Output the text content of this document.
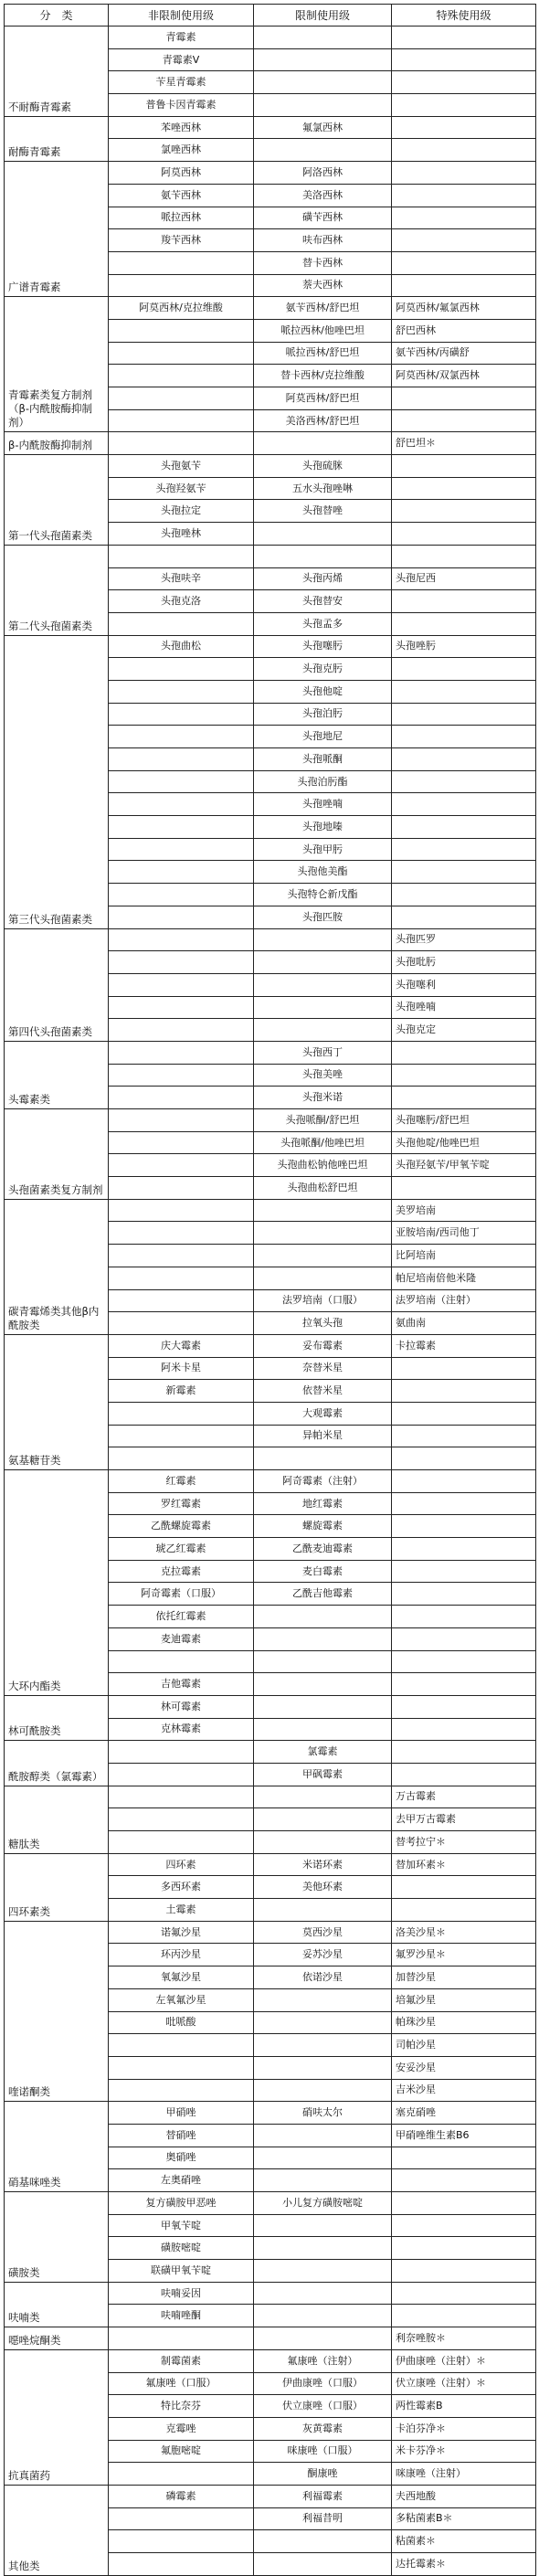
分　类	非限制使用级	限制使用级	特殊使用级
不耐酶青霉素	青霉素		
	青霉素V		
	苄星青霉素		
	普鲁卡因青霉素		
耐酶青霉素	苯唑西林	氟氯西林	
	氯唑西林		
广谱青霉素	阿莫西林	阿洛西林	
	氨苄西林	美洛西林	
	哌拉西林	磺苄西林	
	羧苄西林	呋布西林	
		替卡西林	
		萘夫西林	
青霉素类复方制剂（β-内酰胺酶抑制剂）	阿莫西林/克拉维酸	氨苄西林/舒巴坦	阿莫西林/氟氯西林
		哌拉西林/他唑巴坦	舒巴西林
		哌拉西林/舒巴坦	氨苄西林/丙磺舒
		替卡西林/克拉维酸	阿莫西林/双氯西林
		阿莫西林/舒巴坦	
		美洛西林/舒巴坦	
β-内酰胺酶抑制剂			舒巴坦＊
第一代头孢菌素类	头孢氨苄	头孢硫脒	
	头孢羟氨苄	五水头孢唑啉	
	头孢拉定	头孢替唑	
	头孢唑林		
第二代头孢菌素类			
	头孢呋辛	头孢丙烯	头孢尼西
	头孢克洛	头孢替安	
		头孢孟多	
第三代头孢菌素类	头孢曲松	头孢噻肟	头孢唑肟
		头孢克肟	
		头孢他啶	
		头孢泊肟	
		头孢地尼	
		头孢哌酮	
		头孢泊肟酯	
		头孢唑喃	
		头孢地嗪	
		头孢甲肟	
		头孢他美酯	
		头孢特仑新戊酯	
		头孢匹胺	
第四代头孢菌素类			头孢匹罗
			头孢吡肟
			头孢噻利
			头孢唑喃
			头孢克定
头霉素类		头孢西丁	
		头孢美唑	
		头孢米诺	
头孢菌素类复方制剂		头孢哌酮/舒巴坦	头孢噻肟/舒巴坦
		头孢哌酮/他唑巴坦	头孢他啶/他唑巴坦
		头孢曲松钠他唑巴坦	头孢羟氨苄/甲氧苄啶
		头孢曲松舒巴坦	
碳青霉烯类其他β内酰胺类			美罗培南
			亚胺培南/西司他丁
			比阿培南
			帕尼培南倍他米隆
		法罗培南（口服）	法罗培南（注射）
		拉氧头孢	氨曲南
氨基糖苷类	庆大霉素	妥布霉素	卡拉霉素
	阿米卡星	奈替米星	
	新霉素	依替米星	
		大观霉素	
		异帕米星	

大环内酯类	红霉素	阿奇霉素（注射）	
	罗红霉素	地红霉素	
	乙酰螺旋霉素	螺旋霉素	
	琥乙红霉素	乙酰麦迪霉素	
	克拉霉素	麦白霉素	
	阿奇霉素（口服）	乙酰吉他霉素	
	依托红霉素		
	麦迪霉素		

	吉他霉素		
林可酰胺类	林可霉素		
	克林霉素		
酰胺醇类（氯霉素）		氯霉素	
		甲砜霉素	
糖肽类			万古霉素
			去甲万古霉素
			替考拉宁＊
四环素类	四环素	米诺环素	替加环素＊
	多西环素	美他环素	
	土霉素		
喹诺酮类	诺氟沙星	莫西沙星	洛美沙星＊
	环丙沙星	妥苏沙星	氟罗沙星＊
	氧氟沙星	依诺沙星	加替沙星
	左氧氟沙星		培氟沙星
	吡哌酸		帕珠沙星
			司帕沙星
			安妥沙星
			吉米沙星
硝基咪唑类	甲硝唑	硝呋太尔	塞克硝唑
	替硝唑		甲硝唑维生素B6
	奥硝唑		
	左奥硝唑		
磺胺类	复方磺胺甲恶唑	小儿复方磺胺嘧啶	
	甲氧苄啶		
	磺胺嘧啶		
	联磺甲氧苄啶		
呋喃类	呋喃妥因		
	呋喃唑酮		
噁唑烷酮类			利奈唑胺＊
抗真菌药	制霉菌素	氟康唑（注射）	伊曲康唑（注射）＊
	氟康唑（口服）	伊曲康唑（口服）	伏立康唑（注射）＊
	特比奈芬	伏立康唑（口服）	两性霉素B
	克霉唑	灰黄霉素	卡泊芬净＊
	氟胞嘧啶	咪康唑（口服）	米卡芬净＊
		酮康唑	咪康唑（注射）
其他类	磷霉素	利福霉素	夫西地酸
		利福昔明	多粘菌素B＊
			粘菌素＊
			达托霉素＊
